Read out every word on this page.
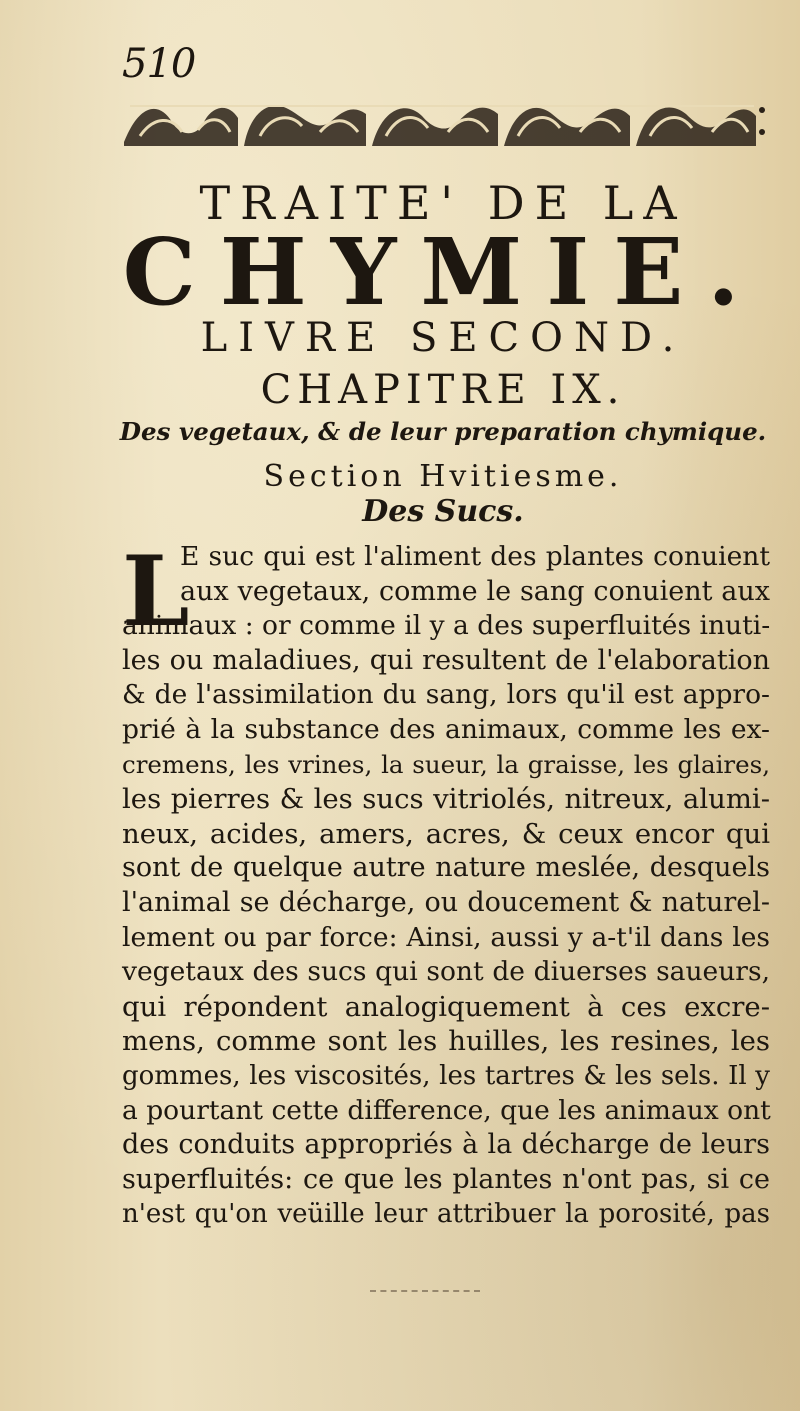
510
TRAITE' DE LA
CHYMIE.
LIVRE SECOND.
CHAPITRE IX.
Des vegetaux, & de leur preparation chymique.
Section Hvitiesme.
Des Sucs.
L
E suc qui est l'aliment des plantes conuient
aux vegetaux, comme le sang conuient aux
animaux : or comme il y a des superfluités inuti-
les ou maladiues, qui resultent de l'elaboration
& de l'assimilation du sang, lors qu'il est appro-
prié à la substance des animaux, comme les ex-
cremens, les vrines, la sueur, la graisse, les glaires,
les pierres & les sucs vitriolés, nitreux, alumi-
neux, acides, amers, acres, & ceux encor qui
sont de quelque autre nature meslée, desquels
l'animal se décharge, ou doucement & naturel-
lement ou par force: Ainsi, aussi y a-t'il dans les
vegetaux des sucs qui sont de diuerses saueurs,
qui répondent analogiquement à ces excre-
mens, comme sont les huilles, les resines, les
gommes, les viscosités, les tartres & les sels. Il y
a pourtant cette difference, que les animaux ont
des conduits appropriés à la décharge de leurs
superfluités: ce que les plantes n'ont pas, si ce
n'est qu'on veüille leur attribuer la porosité, pas
